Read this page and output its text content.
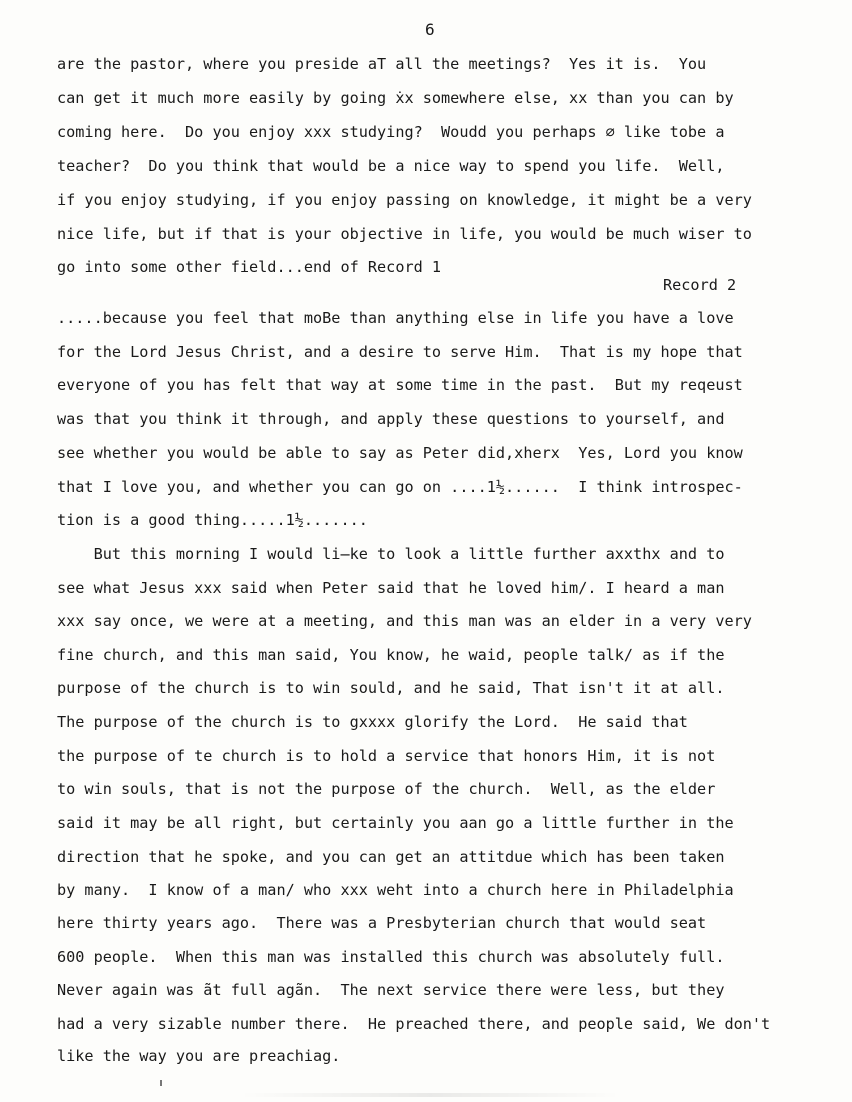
6
are the pastor, where you preside aT all the meetings?  Yes it is.  You
can get it much more easily by going ẋx somewhere else, xx than you can by
coming here.  Do you enjoy xxx studying?  Woudd you perhaps ∅ like tobe a
teacher?  Do you think that would be a nice way to spend you life.  Well,
if you enjoy studying, if you enjoy passing on knowledge, it might be a very
nice life, but if that is your objective in life, you would be much wiser to
go into some other field...end of Record 1
Record 2
.....because you feel that moBe than anything else in life you have a love
for the Lord Jesus Christ, and a desire to serve Him.  That is my hope that
everyone of you has felt that way at some time in the past.  But my reqeust
was that you think it through, and apply these questions to yourself, and
see whether you would be able to say as Peter did,xherx  Yes, Lord you know
that I love you, and whether you can go on ....1½......  I think introspec-
tion is a good thing.....1½.......
But this morning I would li̶ke to look a little further axxthx and to
see what Jesus xxx said when Peter said that he loved him∕. I heard a man
xxx say once, we were at a meeting, and this man was an elder in a very very
fine church, and this man said, You know, he waid, people talk∕ as if the
purpose of the church is to win sould, and he said, That isn't it at all.
The purpose of the church is to gxxxx glorify the Lord.  He said that
the purpose of te church is to hold a service that honors Him, it is not
to win souls, that is not the purpose of the church.  Well, as the elder
said it may be all right, but certainly you aan go a little further in the
direction that he spoke, and you can get an attitdue which has been taken
by many.  I know of a man∕ who xxx weht into a church here in Philadelphia
here thirty years ago.  There was a Presbyterian church that would seat
600 people.  When this man was installed this church was absolutely full.
Never again was ãt full agãn.  The next service there were less, but they
had a very sizable number there.  He preached there, and people said, We don't
like the way you are preachiag.
